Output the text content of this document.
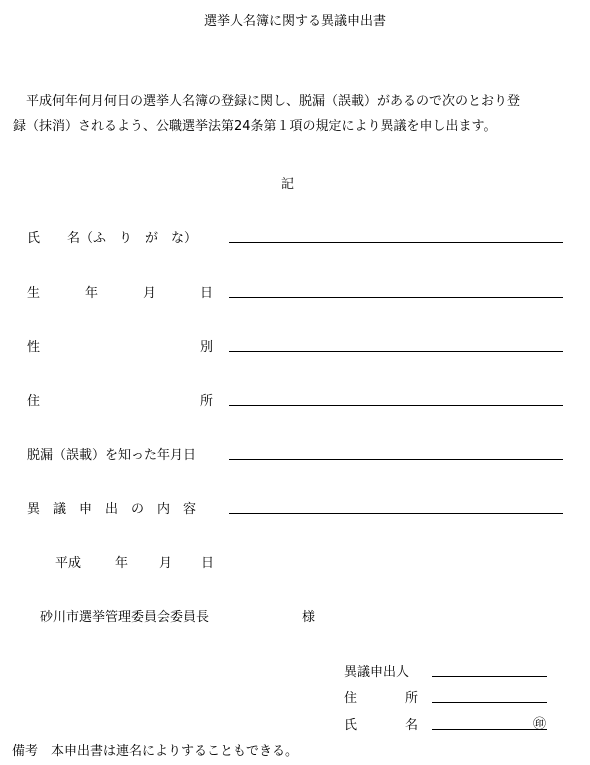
選挙人名簿に関する異議申出書
平成何年何月何日の選挙人名簿の登録に関し、脱漏（誤載）があるので次のとおり登
録（抹消）されるよう、公職選挙法第24条第１項の規定により異議を申し出ます。
記
氏 名（ふ　り　が　な）
生	年	月	日
性	別
住	所
脱漏（誤載）を知った年月日
異　議　申　出　の　内　容
平成	年 月 日
砂川市選挙管理委員会委員長	様
異議申出人
住	所
氏	名	㊞
備考　本申出書は連名によりすることもできる。
